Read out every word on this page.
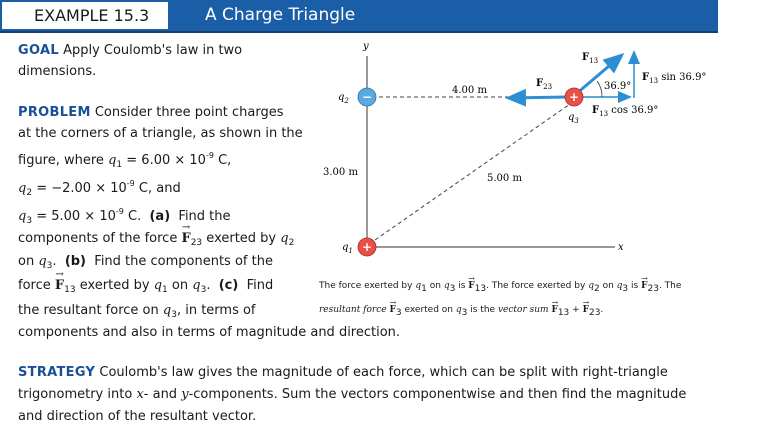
EXAMPLE 15.3	A Charge Triangle
GOAL Apply Coulomb's law in two
dimensions.
PROBLEM Consider three point charges
at the corners of a triangle, as shown in the
figure, where $q_1 = 6.00 \times 10^{-9}$ C,
$q_2 = -2.00 \times 10^{-9}$ C, and
$q_3 = 5.00 \times 10^{-9}$ C. (a) Find the
components of the force → $F_{23}$ exerted by $q_2$
on $q_3$. (b) Find the components of the
force → $F_{13}$ exerted by $q_1$ on $q_3$.  (c) Find
the resultant force on $q_3$, in terms of
components and also in terms of magnitude and direction.
STRATEGY Coulomb's law gives the magnitude of each force, which can be split with right-triangle
trigonometry into x- and y-components. Sum the vectors componentwise and then find the magnitude
and direction of the resultant vector.
y
x
$F_{23}$
$F_{13}$
36.9°
$F_{13}$ sin 36.9°
$F_{13}$ cos 36.9°
−
$q_2$	+
$q_3$
+
$q_1$
4.00 m
3.00 m
5.00 m
The force exerted by q1 on q3 is → F13. The force exerted by q2 on q3 is → F23. The
resultant force → F3 exerted on q3 is the vector sum → F13 + → F23.
